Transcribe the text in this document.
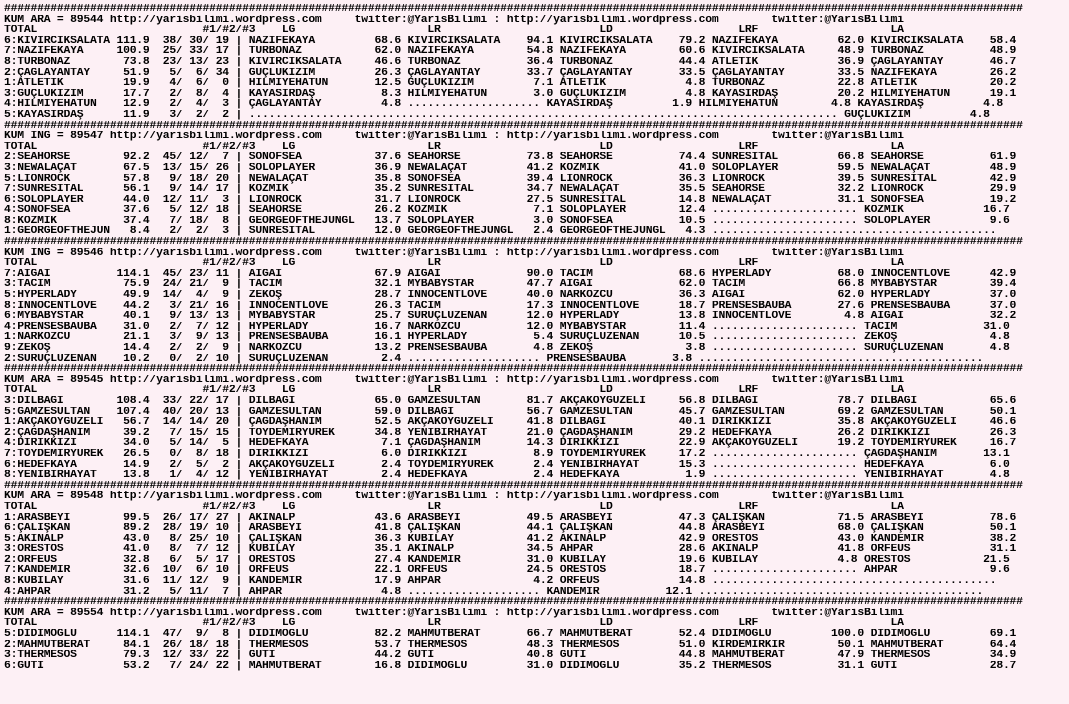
##########################################################################################################################################################
KUM ARA = 89544 http://yarisbilimi.wordpress.com     twitter:@YarisBilimi : http://yarisbilimi.wordpress.com        twitter:@YarisBilimi
TOTAL                         #1/#2/#3    LG                    LR                        LD                   LRF                    LA
6:KIVIRCIKSALATA 111.9  38/ 30/ 19 | NAZİFEKAYA         68.6 KIVIRCIKSALATA    94.1 KIVIRCIKSALATA    79.2 NAZİFEKAYA         62.0 KIVIRCIKSALATA    58.4
7:NAZİFEKAYA     100.9  25/ 33/ 17 | TURBONAZ           62.0 NAZİFEKAYA        54.8 NAZİFEKAYA        60.6 KIVIRCIKSALATA     48.9 TURBONAZ          48.9
8:TURBONAZ        73.8  23/ 13/ 23 | KIVIRCIKSALATA     46.6 TURBONAZ          36.4 TURBONAZ          44.4 ATLETİK            36.9 ÇAĞLAYANTAY       46.7
2:ÇAĞLAYANTAY     51.9   5/  6/ 34 | GÜÇLÜKIZIM         26.3 ÇAĞLAYANTAY       33.7 ÇAĞLAYANTAY       33.5 ÇAĞLAYANTAY        33.5 NAZİFEKAYA        26.2
1:ATLETİK         19.9   4/  6/  0 | HİLMİYEHATUN       12.5 GÜÇLÜKIZIM         7.1 ATLETİK            4.8 TURBONAZ           22.8 ATLETİK           20.2
3:GÜÇLÜKIZIM      17.7   2/  8/  4 | KAYASIRDAŞ          8.3 HİLMİYEHATUN       3.0 GÜÇLÜKIZIM         4.8 KAYASIRDAŞ         20.2 HİLMİYEHATUN      19.1
4:HİLMİYEHATUN    12.9   2/  4/  3 | ÇAĞLAYANTAY         4.8 .................... KAYASIRDAŞ         1.9 HİLMİYEHATUN        4.8 KAYASIRDAŞ         4.8
5:KAYASIRDAŞ      11.9   3/  2/  2 | ......................................................................................... GÜÇLÜKIZIM         4.8
##########################################################################################################################################################
KUM ING = 89547 http://yarisbilimi.wordpress.com     twitter:@YarisBilimi : http://yarisbilimi.wordpress.com        twitter:@YarisBilimi
TOTAL                         #1/#2/#3    LG                    LR                        LD                   LRF                    LA
2:SEAHORSE        92.2  45/ 12/  7 | SONOFSEA           37.6 SEAHORSE          73.8 SEAHORSE          74.4 SUNRESITAL         66.8 SEAHORSE          61.9
3:NEWALAÇAT       67.5  13/ 15/ 26 | SOLOPLAYER         36.9 NEWALAÇAT         41.2 KOZMİK            41.0 SOLOPLAYER         59.5 NEWALAÇAT         48.9
5:LIONROCK        57.8   9/ 18/ 20 | NEWALAÇAT          35.8 SONOFSEA          39.4 LIONROCK          36.3 LIONROCK           39.5 SUNRESİTAL        42.9
7:SUNRESİTAL      56.1   9/ 14/ 17 | KOZMİK             35.2 SUNRESİTAL        34.7 NEWALAÇAT         35.5 SEAHORSE           32.2 LIONROCK          29.9
6:SOLOPLAYER      44.0  12/ 11/  3 | LIONROCK           31.7 LIONROCK          27.5 SUNRESİTAL        14.8 NEWALAÇAT          31.1 SONOFSEA          19.2
4:SONOFSEA        37.6   5/ 12/ 18 | SEAHORSE           26.2 KOZMİK             7.1 SOLOPLAYER        12.4 ...................... KOZMİK            16.7
8:KOZMİK          37.4   7/ 18/  8 | GEORGEOFTHEJUNGL   13.7 SOLOPLAYER         3.0 SONOFSEA          10.5 ...................... SOLOPLAYER         9.6
1:GEORGEOFTHEJUN   8.4   2/  2/  3 | SUNRESİTAL         12.0 GEORGEOFTHEJUNGL   2.4 GEORGEOFTHEJUNGL   4.3 ...........................................
##########################################################################################################################################################
KUM ING = 89546 http://yarisbilimi.wordpress.com     twitter:@YarisBilimi : http://yarisbilimi.wordpress.com        twitter:@YarisBilimi
TOTAL                         #1/#2/#3    LG                    LR                        LD                   LRF                    LA
7:AIGAI          114.1  45/ 23/ 11 | AIGAI              67.9 AIGAI             90.0 TACIM             68.6 HYPERLADY          68.0 INNOCENTLOVE      42.9
3:TACIM           75.9  24/ 21/  9 | TACIM              32.1 MYBABYSTAR        47.7 AIGAI             62.0 TACIM              66.8 MYBABYSTAR        39.4
5:HYPERLADY       49.9  14/  4/  9 | ZEKOŞ              28.7 INNOCENTLOVE      40.0 NARKOZCU          36.3 AIGAI              62.0 HYPERLADY         37.0
8:INNOCENTLOVE    44.2   3/ 21/ 16 | INNOCENTLOVE       26.3 TACIM             17.3 INNOCENTLOVE      18.7 PRENSESBAUBA       27.6 PRENSESBAUBA      37.0
6:MYBABYSTAR      40.1   9/ 13/ 13 | MYBABYSTAR         25.7 SURUÇLUZENAN      12.0 HYPERLADY         13.8 INNOCENTLOVE        4.8 AIGAI             32.2
4:PRENSESBAUBA    31.0   2/  7/ 12 | HYPERLADY          16.7 NARKOZCU          12.0 MYBABYSTAR        11.4 ...................... TACIM             31.0
1:NARKOZCU        21.1   3/  9/ 13 | PRENSESBAUBA       16.1 HYPERLADY          5.4 SURUÇLUZENAN      10.5 ...................... ZEKOŞ              4.8
9:ZEKOŞ           14.4   2/  2/  9 | NARKOZCU           13.2 PRENSESBAUBA       4.8 ZEKOŞ              3.8 ...................... SURUÇLUZENAN       4.8
2:SURUÇLUZENAN    10.2   0/  2/ 10 | SURUÇLUZENAN        2.4 .................... PRENSESBAUBA       3.8 ...........................................
##########################################################################################################################################################
KUM ARA = 89545 http://yarisbilimi.wordpress.com     twitter:@YarisBilimi : http://yarisbilimi.wordpress.com        twitter:@YarisBilimi
TOTAL                         #1/#2/#3    LG                    LR                        LD                   LRF                    LA
3:DİLBAĞI        108.4  33/ 22/ 17 | DİLBAĞI            65.0 GAMZESULTAN       81.7 AKÇAKÖYGÜZELİ     56.8 DİLBAĞI            78.7 DİLBAĞI           65.6
5:GAMZESULTAN    107.4  40/ 20/ 13 | GAMZESULTAN        59.0 DİLBAĞI           56.7 GAMZESULTAN       45.7 GAMZESULTAN        69.2 GAMZESULTAN       50.1
1:AKÇAKÖYGÜZELİ   56.7  14/ 14/ 20 | ÇAĞDAŞHANIM        52.5 AKÇAKÖYGÜZELİ     41.8 DİLBAĞI           40.1 DİRİKKIZI          35.8 AKÇAKÖYGÜZELİ     46.6
2:ÇAĞDAŞHANIM     39.2   7/ 15/ 15 | TOYDEMİRYÜREK      34.8 YENİBİRHAYAT      21.0 ÇAĞDAŞHANIM       29.2 HEDEFKAYA          26.2 DİRİKKIZI         26.3
4:DİRİKKIZI       34.0   5/ 14/  5 | HEDEFKAYA           7.1 ÇAĞDAŞHANIM       14.3 DİRİKKIZI         22.9 AKÇAKÖYGÜZELİ      19.2 TOYDEMİRYÜREK     16.7
7:TOYDEMİRYÜREK   26.5   0/  8/ 18 | DİRİKKIZI           6.0 DİRİKKIZI          8.9 TOYDEMİRYÜREK     17.2 ...................... ÇAĞDAŞHANIM       13.1
6:HEDEFKAYA       14.9   2/  5/  2 | AKÇAKÖYGÜZELİ       2.4 TOYDEMİRYÜREK      2.4 YENİBİRHAYAT      15.3 ...................... HEDEFKAYA          6.0
8:YENİBİRHAYAT    13.8   1/  4/ 12 | YENİBİRHAYAT        2.4 HEDEFKAYA          2.4 HEDEFKAYA          1.9 ...................... YENİBİRHAYAT       4.8
##########################################################################################################################################################
KUM ARA = 89548 http://yarisbilimi.wordpress.com     twitter:@YarisBilimi : http://yarisbilimi.wordpress.com        twitter:@YarisBilimi
TOTAL                         #1/#2/#3    LG                    LR                        LD                   LRF                    LA
1:ARASBEYİ        99.5  26/ 17/ 27 | AKINALP            43.6 ARASBEYİ          49.5 ARASBEYİ          47.3 ÇALIŞKAN           71.5 ARASBEYİ          78.6
6:ÇALIŞKAN        89.2  28/ 19/ 10 | ARASBEYİ           41.8 ÇALIŞKAN          44.1 ÇALIŞKAN          44.8 ARASBEYİ           68.0 ÇALIŞKAN          50.1
5:AKINALP         43.0   8/ 25/ 10 | ÇALIŞKAN           36.3 KUBİLAY           41.2 AKINALP           42.9 ORESTOS            43.0 KANDEMİR          38.2
3:ORESTOS         41.0   8/  7/ 12 | KUBİLAY            35.1 AKINALP           34.5 AHPAR             28.6 AKINALP            41.8 ORFEUS            31.1
2:ORFEUS          32.8   6/  5/ 17 | ORESTOS            27.4 KANDEMİR          31.0 KUBİLAY           19.6 KUBİLAY            4.8 ORESTOS           21.5
7:KANDEMİR        32.6  10/  6/ 10 | ORFEUS             22.1 ORFEUS            24.5 ORESTOS           18.7 ...................... AHPAR              9.6
8:KUBİLAY         31.6  11/ 12/  9 | KANDEMİR           17.9 AHPAR              4.2 ORFEUS            14.8 ...........................................
4:AHPAR           31.2   5/ 11/  7 | AHPAR               4.8 .................... KANDEMİR          12.1 ...........................................
##########################################################################################################################################################
KUM ARA = 89554 http://yarisbilimi.wordpress.com     twitter:@YarisBilimi : http://yarisbilimi.wordpress.com        twitter:@YarisBilimi
TOTAL                         #1/#2/#3    LG                    LR                        LD                   LRF                    LA
5:DİDİMOĞLU      114.1  47/  9/  8 | DİDİMOĞLU          82.2 MAHMUTBERAT       66.7 MAHMUTBERAT       52.4 DİDİMOĞLU         100.0 DİDİMOĞLU         69.1
2:MAHMUTBERAT     84.1  26/ 18/ 18 | THERMESOS          53.7 THERMESOS         48.3 THERMESOS         51.0 KIRDEMİRKIR        50.1 MAHMUTBERAT       64.4
3:THERMESOS       79.3  12/ 33/ 22 | GUTİ               44.2 GUTİ              40.8 GUTİ              44.8 MAHMUTBERAT        47.9 THERMESOS         34.9
6:GUTİ            53.2   7/ 24/ 22 | MAHMUTBERAT        16.8 DİDİMOĞLU         31.0 DİDİMOĞLU         35.2 THERMESOS          31.1 GUTİ              28.7
